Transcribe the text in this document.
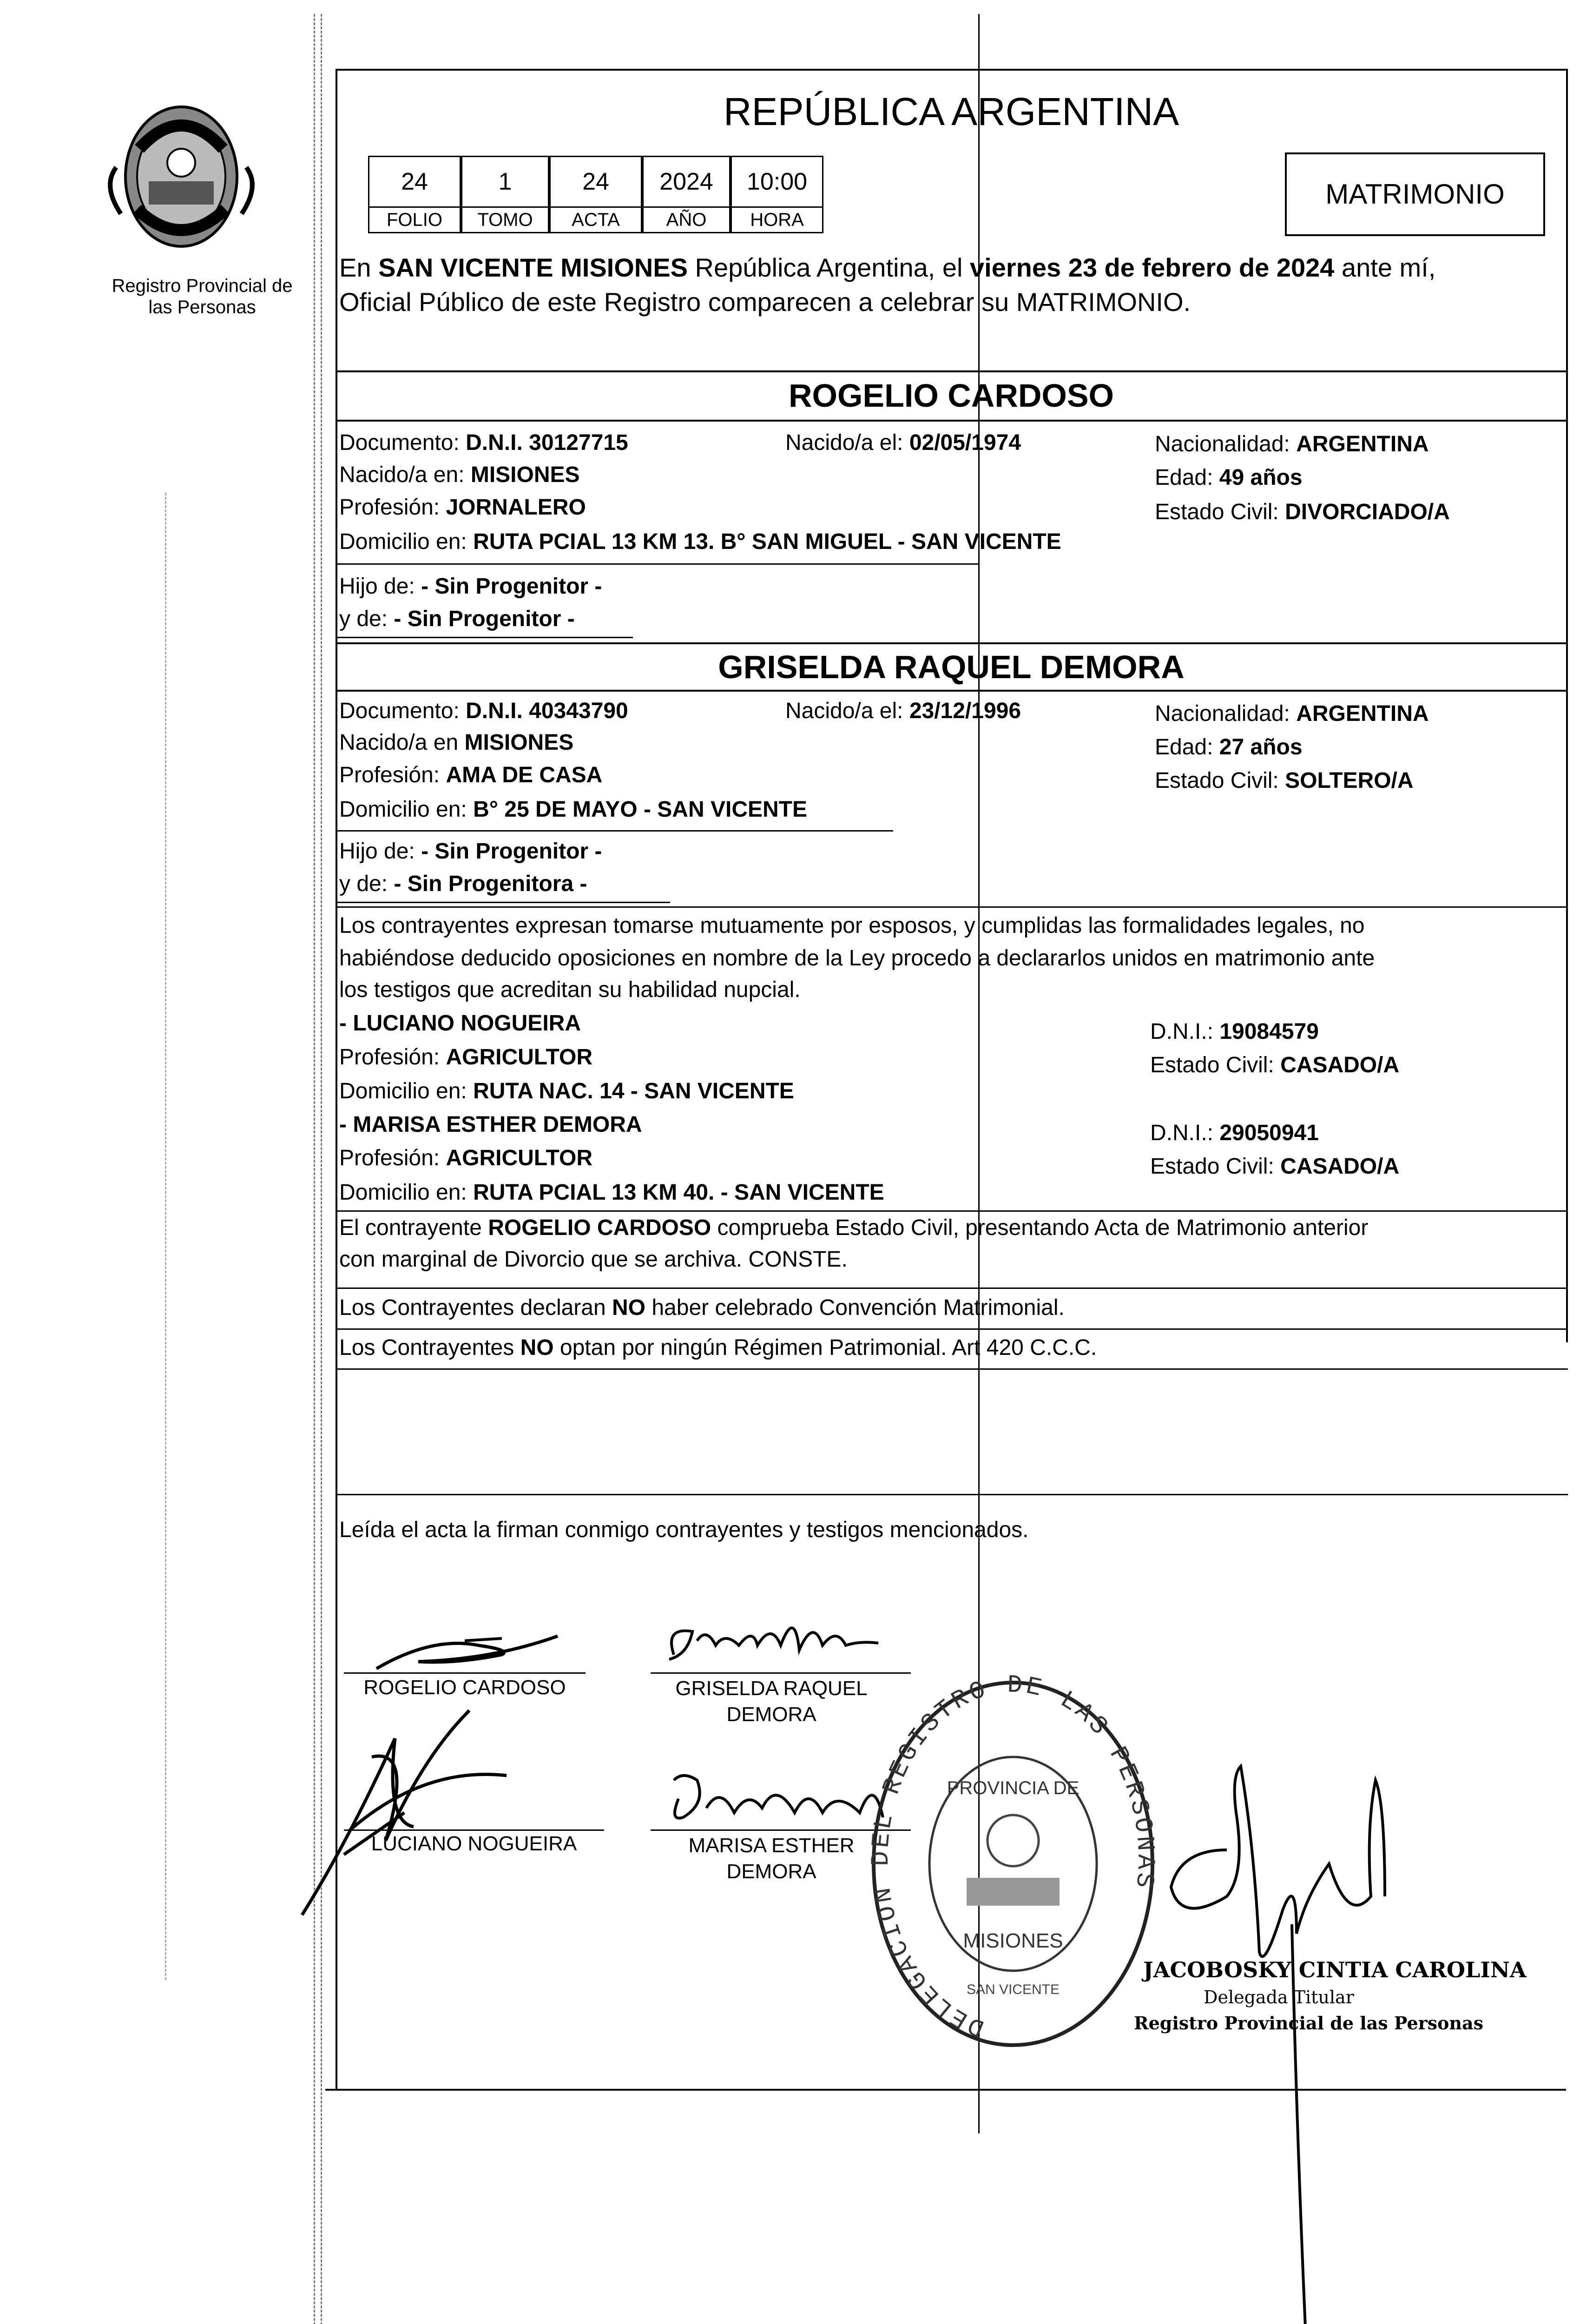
Registro Provincial de las Personas
REPÚBLICA ARGENTINA
MATRIMONIO
24	1	24	2024	10:00
FOLIO	TOMO	ACTA	AÑO	HORA
En SAN VICENTE MISIONES República Argentina, el viernes 23 de febrero de 2024 ante mí,
Oficial Público de este Registro comparecen a celebrar su MATRIMONIO.
ROGELIO CARDOSO
Documento: D.N.I. 30127715	Nacido/a el: 02/05/1974	Nacionalidad: ARGENTINA
Nacido/a en: MISIONES	Edad: 49 años
Profesión: JORNALERO	Estado Civil: DIVORCIADO/A
Domicilio en: RUTA PCIAL 13 KM 13. B° SAN MIGUEL - SAN VICENTE
Hijo de: - Sin Progenitor -
y de: - Sin Progenitor -
GRISELDA RAQUEL DEMORA
Documento: D.N.I. 40343790	Nacido/a el: 23/12/1996	Nacionalidad: ARGENTINA
Nacido/a en MISIONES	Edad: 27 años
Profesión: AMA DE CASA	Estado Civil: SOLTERO/A
Domicilio en: B° 25 DE MAYO - SAN VICENTE
Hijo de: - Sin Progenitor -
y de: - Sin Progenitora -
Los contrayentes expresan tomarse mutuamente por esposos, y cumplidas las formalidades legales, no
habiéndose deducido oposiciones en nombre de la Ley procedo a declararlos unidos en matrimonio ante
los testigos que acreditan su habilidad nupcial.
- LUCIANO NOGUEIRA	D.N.I.: 19084579
Profesión: AGRICULTOR	Estado Civil: CASADO/A
Domicilio en: RUTA NAC. 14 - SAN VICENTE
- MARISA ESTHER DEMORA	D.N.I.: 29050941
Profesión: AGRICULTOR	Estado Civil: CASADO/A
Domicilio en: RUTA PCIAL 13 KM 40. - SAN VICENTE
El contrayente ROGELIO CARDOSO comprueba Estado Civil, presentando Acta de Matrimonio anterior
con marginal de Divorcio que se archiva. CONSTE.
Los Contrayentes declaran NO haber celebrado Convención Matrimonial.
Los Contrayentes NO optan por ningún Régimen Patrimonial. Art 420 C.C.C.
Leída el acta la firman conmigo contrayentes y testigos mencionados.
ROGELIO CARDOSO	GRISELDA RAQUEL
DEMORA
LUCIANO NOGUEIRA	MARISA ESTHER
DEMORA
DELEGACION DEL REGISTRO DE LAS PERSONAS
PROVINCIA DE
MISIONES
SAN VICENTE
JACOBOSKY CINTIA CAROLINA
Delegada Titular
Registro Provincial de las Personas
